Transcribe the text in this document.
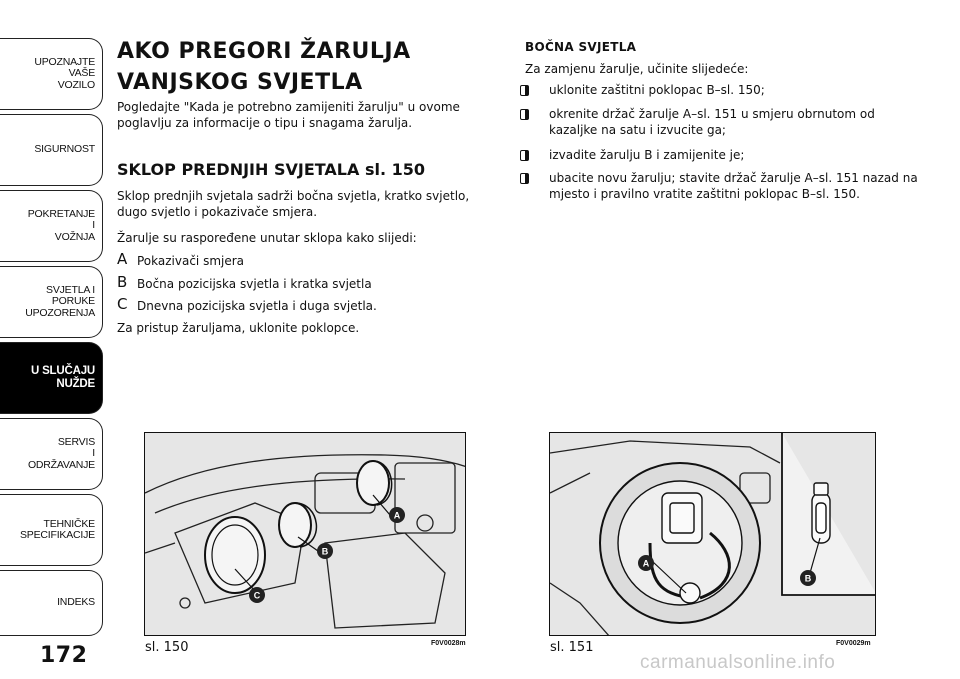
UPOZNAJTE
VAŠE
VOZILO
SIGURNOST
POKRETANJE
I
VOŽNJA
SVJETLA I
PORUKE
UPOZORENJA
U SLUČAJU
NUŽDE
SERVIS
I
ODRŽAVANJE
TEHNIČKE
SPECIFIKACIJE
INDEKS
172
AKO PREGORI ŽARULJA
VANJSKOG SVJETLA
Pogledajte "Kada je potrebno zamijeniti žarulju" u ovome poglavlju za informacije o tipu i snagama žarulja.
SKLOP PREDNJIH SVJETALA sl. 150
Sklop prednjih svjetala sadrži bočna svjetla, kratko svjetlo, dugo svjetlo i pokazivače smjera.
Žarulje su raspoređene unutar sklopa kako slijedi:
A Pokazivači smjera
B Bočna pozicijska svjetla i kratka svjetla
C Dnevna pozicijska svjetla i duga svjetla.
Za pristup žaruljama, uklonite poklopce.
BOČNA SVJETLA
Za zamjenu žarulje, učinite slijedeće:
uklonite zaštitni poklopac B–sl. 150;
okrenite držač žarulje A–sl. 151 u smjeru obrnutom od kazaljke na satu i izvucite ga;
izvadite žarulju B i zamijenite je;
ubacite novu žarulju; stavite držač žarulje A–sl. 151 nazad na mjesto i pravilno vratite zaštitni poklopac B–sl. 150.
A
B
C
sl. 150	F0V0028m
A
B
sl. 151	F0V0029m
carmanualsonline.info
